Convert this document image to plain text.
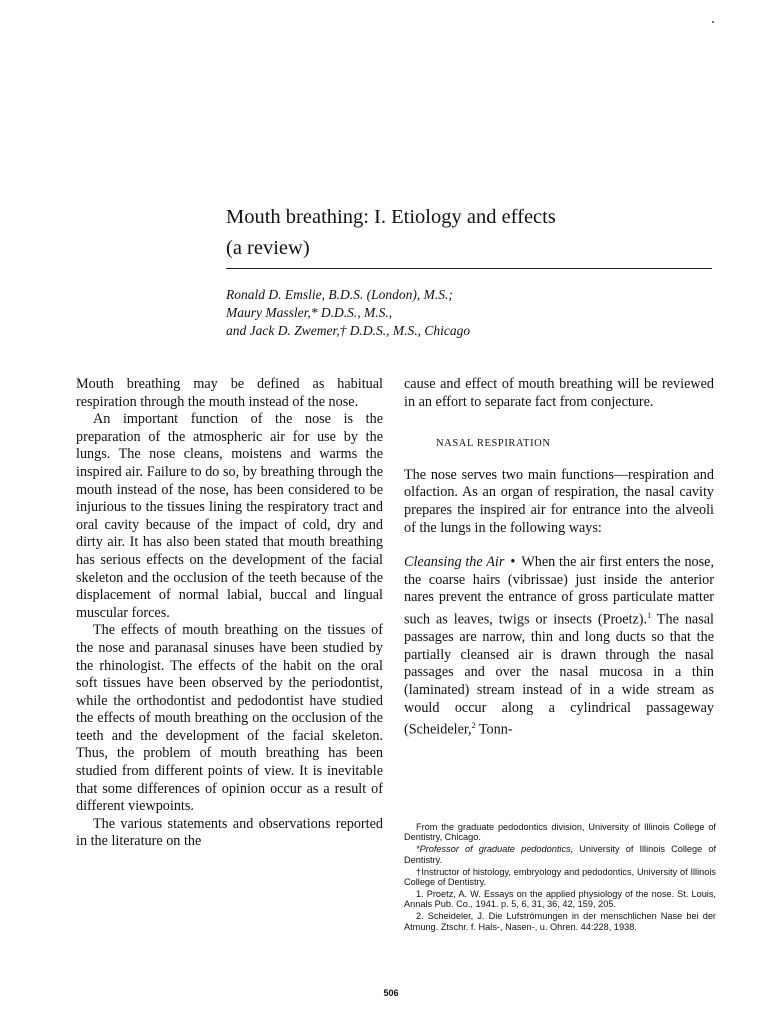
Mouth breathing: I. Etiology and effects
(a review)
Ronald D. Emslie, B.D.S. (London), M.S.;
Maury Massler,* D.D.S., M.S.,
and Jack D. Zwemer,† D.D.S., M.S., Chicago

Mouth breathing may be defined as habitual respiration through the mouth instead of the nose.

An important function of the nose is the preparation of the atmospheric air for use by the lungs. The nose cleans, moistens and warms the inspired air. Failure to do so, by breathing through the mouth instead of the nose, has been considered to be injurious to the tissues lining the respiratory tract and oral cavity because of the impact of cold, dry and dirty air. It has also been stated that mouth breathing has serious effects on the development of the facial skeleton and the occlusion of the teeth because of the displacement of normal labial, buccal and lingual muscular forces.

The effects of mouth breathing on the tissues of the nose and paranasal sinuses have been studied by the rhinologist. The effects of the habit on the oral soft tissues have been observed by the periodontist, while the orthodontist and pedodontist have studied the effects of mouth breathing on the occlusion of the teeth and the development of the facial skeleton. Thus, the problem of mouth breathing has been studied from different points of view. It is inevitable that some differences of opinion occur as a result of different viewpoints.

The various statements and observations reported in the literature on the

cause and effect of mouth breathing will be reviewed in an effort to separate fact from conjecture.

NASAL RESPIRATION

The nose serves two main functions—respiration and olfaction. As an organ of respiration, the nasal cavity prepares the inspired air for entrance into the alveoli of the lungs in the following ways:

Cleansing the Air • When the air first enters the nose, the coarse hairs (vibrissae) just inside the anterior nares prevent the entrance of gross particulate matter such as leaves, twigs or insects (Proetz).$^1$ The nasal passages are narrow, thin and long ducts so that the partially cleansed air is drawn through the nasal passages and over the nasal mucosa in a thin (laminated) stream instead of in a wide stream as would occur along a cylindrical passageway (Scheideler,$^2$ Tonn-

From the graduate pedodontics division, University of Illinois College of Dentistry, Chicago.
*Professor of graduate pedodontics, University of Illinois College of Dentistry.
†Instructor of histology, embryology and pedodontics, University of Illinois College of Dentistry.
1. Proetz, A. W. Essays on the applied physiology of the nose. St. Louis, Annals Pub. Co., 1941. p. 5, 6, 31, 36, 42, 159, 205.
2. Scheideler, J. Die Lufströmungen in der menschlichen Nase bei der Atmung. Ztschr. f. Hals-, Nasen-, u. Ohren. 44:228, 1938.
506
